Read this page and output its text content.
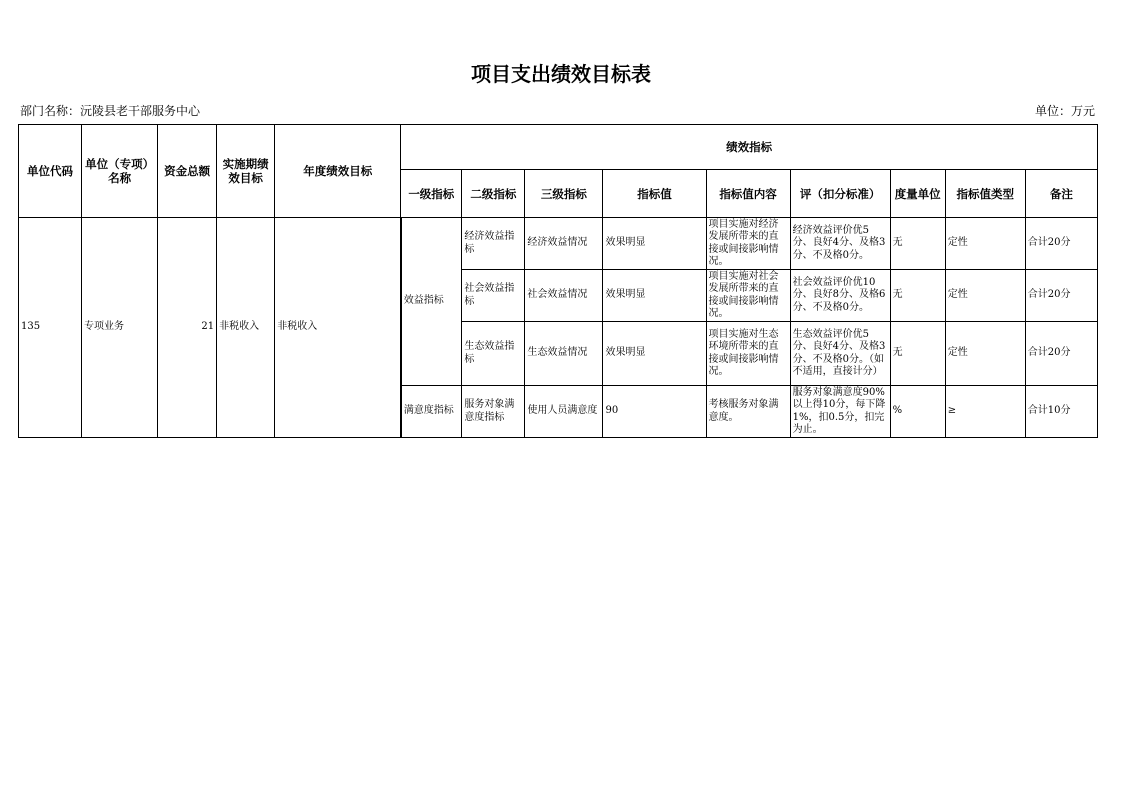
项目支出绩效目标表
部门名称：沅陵县老干部服务中心	单位：万元
单位代码	单位（专项）名称	资金总额	实施期绩效目标	年度绩效目标	绩效指标								
					一级指标	二级指标	三级指标	指标值	指标值内容	评（扣分标准）	度量单位	指标值类型	备注
135	专项业务	21	非税收入	非税收入	效益指标	经济效益指标	经济效益情况	效果明显	项目实施对经济发展所带来的直接或间接影响情况。	经济效益评价优5分、良好4分、及格3分、不及格0分。	无	定性	合计20分
						社会效益指标	社会效益情况	效果明显	项目实施对社会发展所带来的直接或间接影响情况。	社会效益评价优10分、良好8分、及格6分、不及格0分。	无	定性	合计20分
						生态效益指标	生态效益情况	效果明显	项目实施对生态环境所带来的直接或间接影响情况。	生态效益评价优5分、良好4分、及格3分、不及格0分。（如不适用，直接计分）	无	定性	合计20分
					满意度指标	服务对象满意度指标	使用人员满意度	90	考核服务对象满意度。	服务对象满意度90%以上得10分，每下降1%，扣0.5分，扣完为止。	%	≥	合计10分
